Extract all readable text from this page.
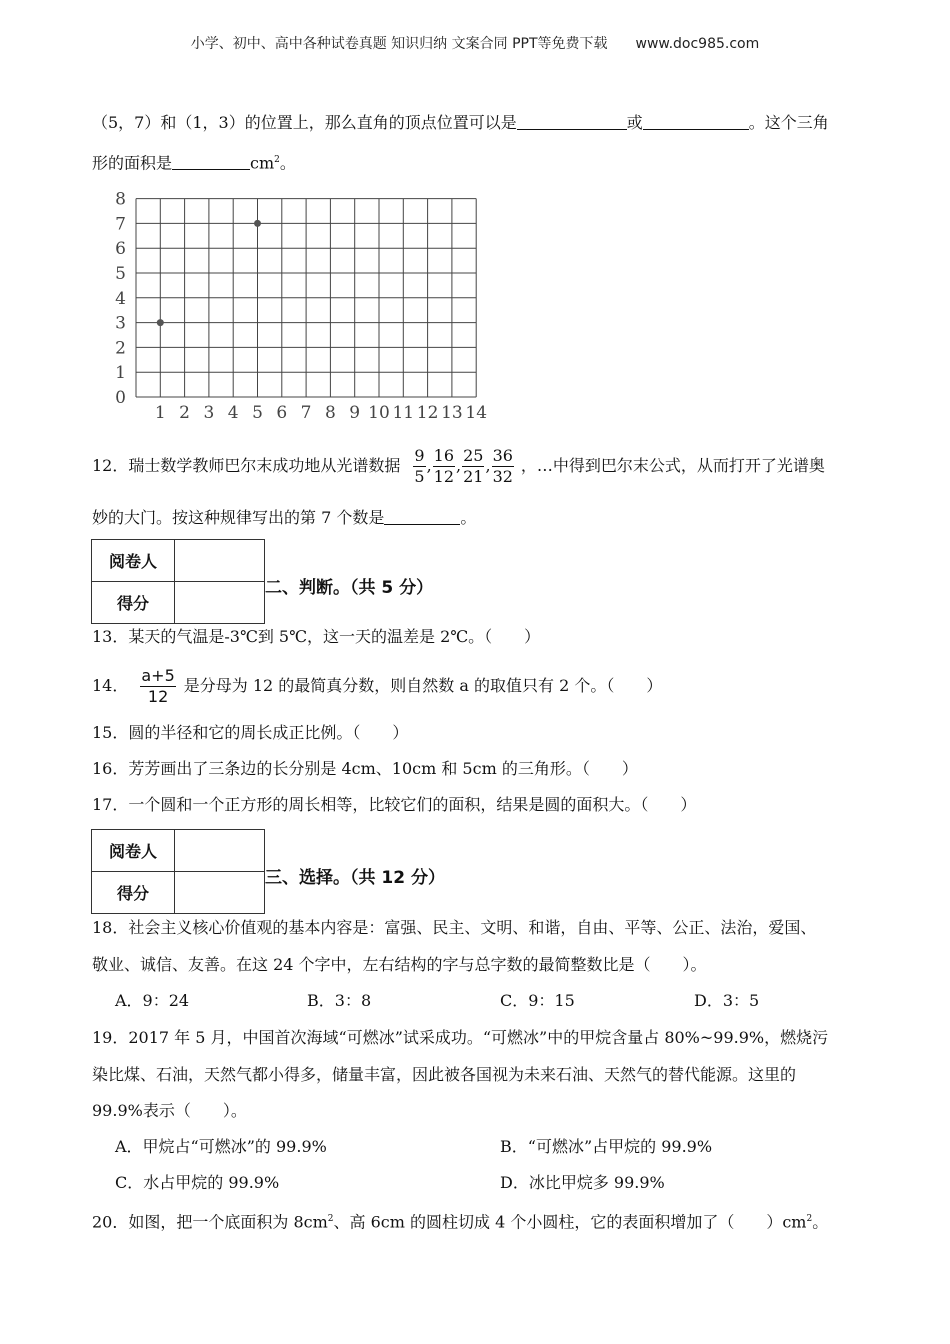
小学、初中、高中各种试卷真题 知识归纳 文案合同 PPT等免费下载 www.doc985.com
（5，7）和（1，3）的位置上，那么直角的顶点位置可以是	或	。这个三角
形的面积是	$cm^2$。
0
1
2
3
4
5
6
7
8
1 2 3 4 5 6 7 8 9 10 11 12 13 14
12．瑞士数学教师巴尔末成功地从光谱数据 $\frac{9}{5}$ , $\frac{16}{12}$ , $\frac{25}{21}$ , $\frac{36}{32}$ ，…中得到巴尔末公式，从而打开了光谱奥
妙的大门。按这种规律写出的第 7 个数是	。
阅卷人	
得分	
二、判断。（共 5 分）
13．某天的气温是-3℃到 5℃，这一天的温差是 2℃。（　　）
14． $\frac{a+5}{12}$ 是分母为 12 的最简真分数，则自然数 a 的取值只有 2 个。（　　）
15．圆的半径和它的周长成正比例。（　　）
16．芳芳画出了三条边的长分别是 4cm、10cm 和 5cm 的三角形。（　　）
17．一个圆和一个正方形的周长相等，比较它们的面积，结果是圆的面积大。（　　）
阅卷人	
得分	
三、选择。（共 12 分）
18．社会主义核心价值观的基本内容是：富强、民主、文明、和谐，自由、平等、公正、法治，爱国、
敬业、诚信、友善。在这 24 个字中，左右结构的字与总字数的最简整数比是（　　）。
A．9：24	B．3：8	C．9：15	D．3：5
19．2017 年 5 月，中国首次海域“可燃冰”试采成功。“可燃冰”中的甲烷含量占 80%~99.9%，燃烧污
染比煤、石油，天然气都小得多，储量丰富，因此被各国视为未来石油、天然气的替代能源。这里的
99.9%表示（　　）。
A．甲烷占“可燃冰”的 99.9%	B．“可燃冰”占甲烷的 99.9%
C．水占甲烷的 99.9%	D．冰比甲烷多 99.9%
20．如图，把一个底面积为 $8cm^2$、高 6cm 的圆柱切成 4 个小圆柱，它的表面积增加了（　　）$cm^2$。
